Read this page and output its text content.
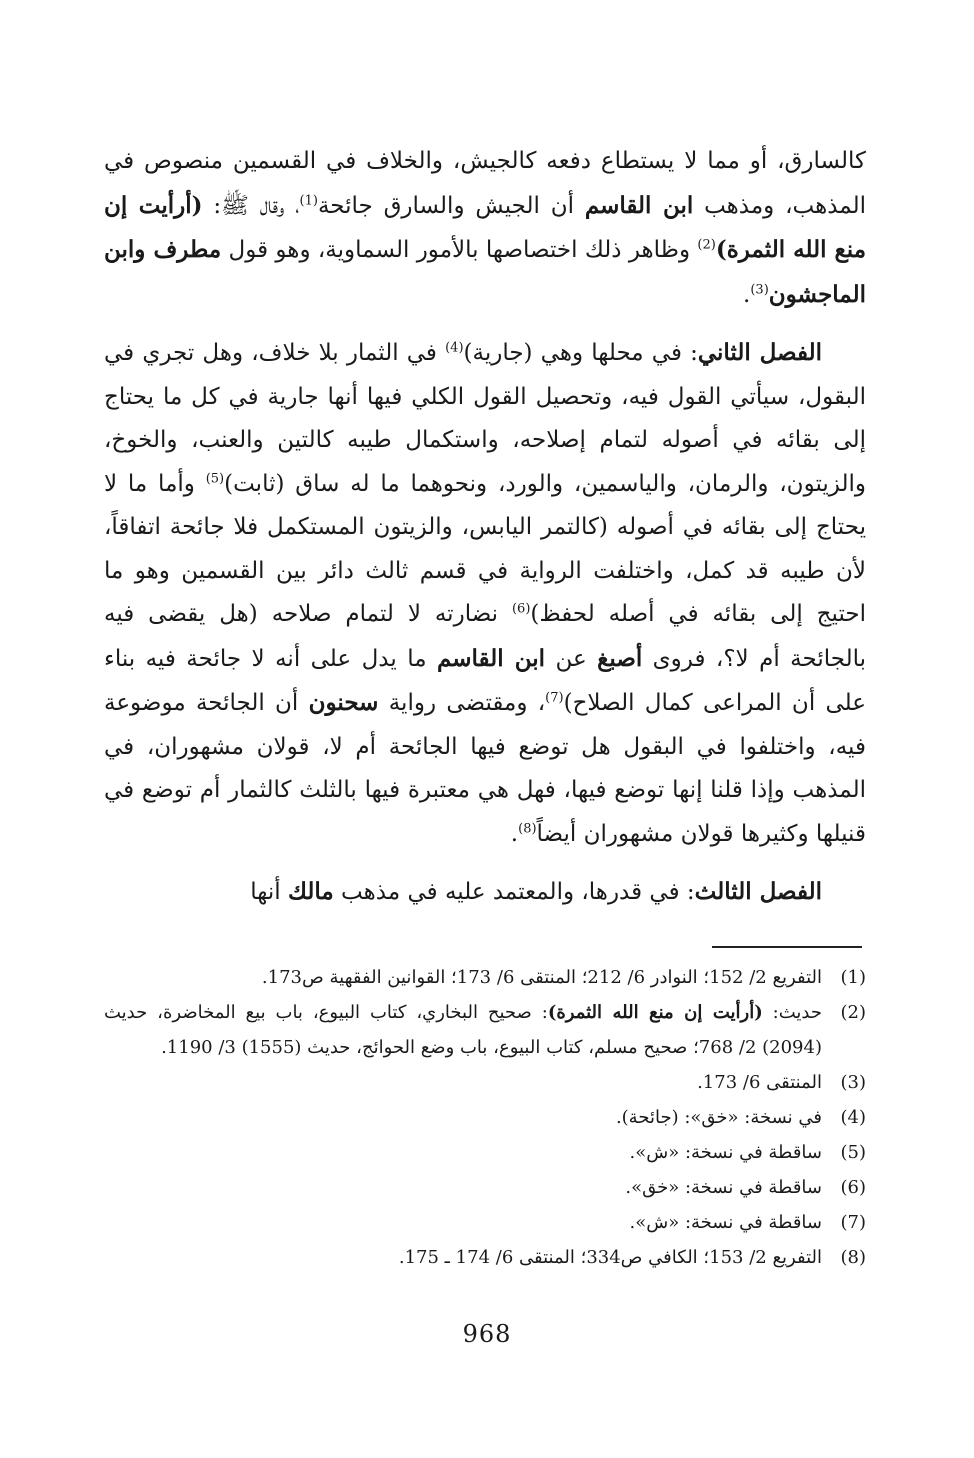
كالسارق، أو مما لا يستطاع دفعه كالجيش، والخلاف في القسمين منصوص في المذهب، ومذهب ابن القاسم أن الجيش والسارق جائحة$^{(1)}$، وقال ﷺ: (أرأيت إن منع الله الثمرة)$^{(2)}$ وظاهر ذلك اختصاصها بالأمور السماوية، وهو قول مطرف وابن الماجشون$^{(3)}$.

الفصل الثاني: في محلها وهي (جارية)$^{(4)}$ في الثمار بلا خلاف، وهل تجري في البقول، سيأتي القول فيه، وتحصيل القول الكلي فيها أنها جارية في كل ما يحتاج إلى بقائه في أصوله لتمام إصلاحه، واستكمال طيبه كالتين والعنب، والخوخ، والزيتون، والرمان، والياسمين، والورد، ونحوهما ما له ساق (ثابت)$^{(5)}$ وأما ما لا يحتاج إلى بقائه في أصوله (كالتمر اليابس، والزيتون المستكمل فلا جائحة اتفاقاً، لأن طيبه قد كمل، واختلفت الرواية في قسم ثالث دائر بين القسمين وهو ما احتيج إلى بقائه في أصله لحفظ)$^{(6)}$ نضارته لا لتمام صلاحه (هل يقضى فيه بالجائحة أم لا؟، فروى أصبغ عن ابن القاسم ما يدل على أنه لا جائحة فيه بناء على أن المراعى كمال الصلاح)$^{(7)}$، ومقتضى رواية سحنون أن الجائحة موضوعة فيه، واختلفوا في البقول هل توضع فيها الجائحة أم لا، قولان مشهوران، في المذهب وإذا قلنا إنها توضع فيها، فهل هي معتبرة فيها بالثلث كالثمار أم توضع في قنيلها وكثيرها قولان مشهوران أيضاً$^{(8)}$.

الفصل الثالث: في قدرها، والمعتمد عليه في مذهب مالك أنها

(1)
التفريع 2/ 152؛ النوادر 6/ 212؛ المنتقى 6/ 173؛ القوانين الفقهية ص173.
(2)
حديث: (أرأيت إن منع الله الثمرة): صحيح البخاري، كتاب البيوع، باب بيع المخاضرة، حديث (2094) 2/ 768؛ صحيح مسلم، كتاب البيوع، باب وضع الحوائج، حديث (1555) 3/ 1190.
(3)
المنتقى 6/ 173.
(4)
في نسخة: «خق»: (جائحة).
(5)
ساقطة في نسخة: «ش».
(6)
ساقطة في نسخة: «خق».
(7)
ساقطة في نسخة: «ش».
(8)
التفريع 2/ 153؛ الكافي ص334؛ المنتقى 6/ 174 ـ 175.
968
